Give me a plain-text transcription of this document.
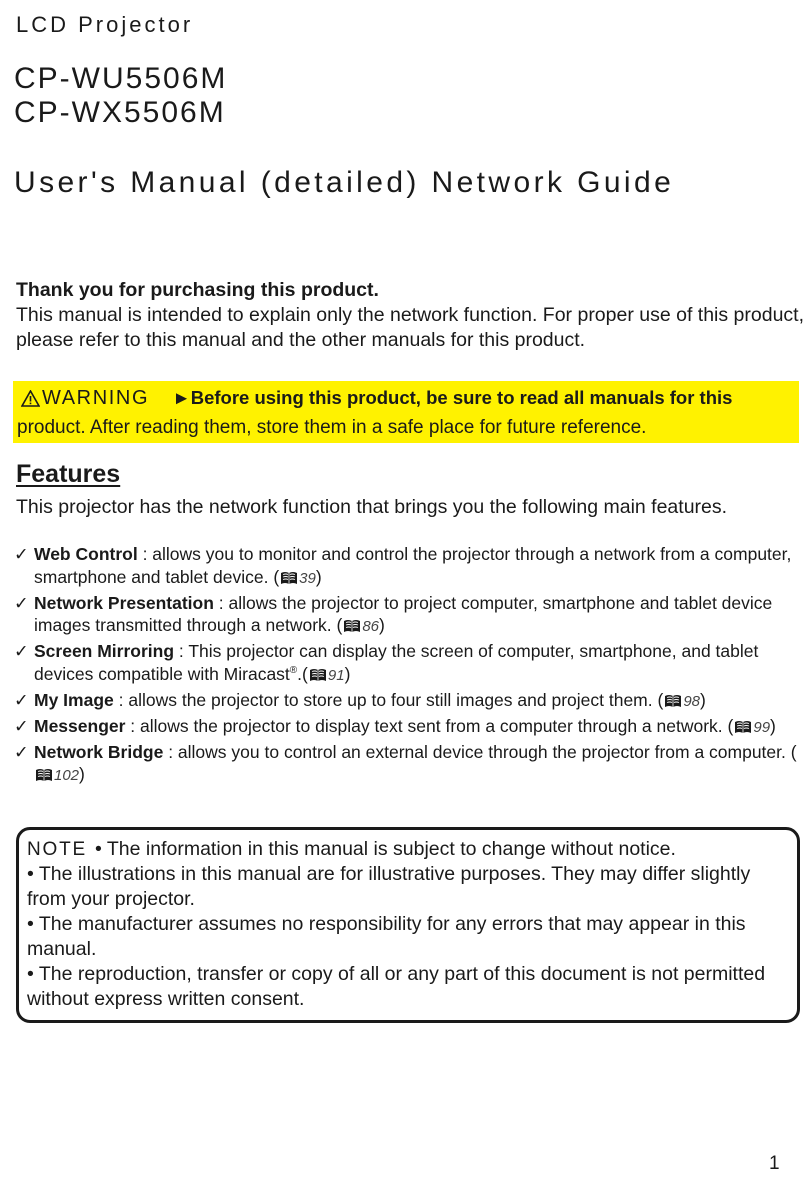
LCD Projector
CP-WU5506M
CP-WX5506M
User's Manual (detailed) Network Guide
Thank you for purchasing this product.
This manual is intended to explain only the network function. For proper use of this product, please refer to this manual and the other manuals for this product.
WARNING ►Before using this product, be sure to read all manuals for this
product. After reading them, store them in a safe place for future reference.
Features
This projector has the network function that brings you the following main features.
✓ Web Control : allows you to monitor and control the projector through a network from a computer, smartphone and tablet device. ( 39)
✓ Network Presentation : allows the projector to project computer, smartphone and tablet device images transmitted through a network. ( 86)
✓ Screen Mirroring : This projector can display the screen of computer, smartphone, and tablet devices compatible with Miracast®.( 91)
✓ My Image : allows the projector to store up to four still images and project them. ( 98)
✓ Messenger : allows the projector to display text sent from a computer through a network. ( 99)
✓ Network Bridge : allows you to control an external device through the projector from a computer. (102)
NOTE • The information in this manual is subject to change without notice.
• The illustrations in this manual are for illustrative purposes. They may differ slightly from your projector.
• The manufacturer assumes no responsibility for any errors that may appear in this manual.
• The reproduction, transfer or copy of all or any part of this document is not permitted without express written consent.
1
